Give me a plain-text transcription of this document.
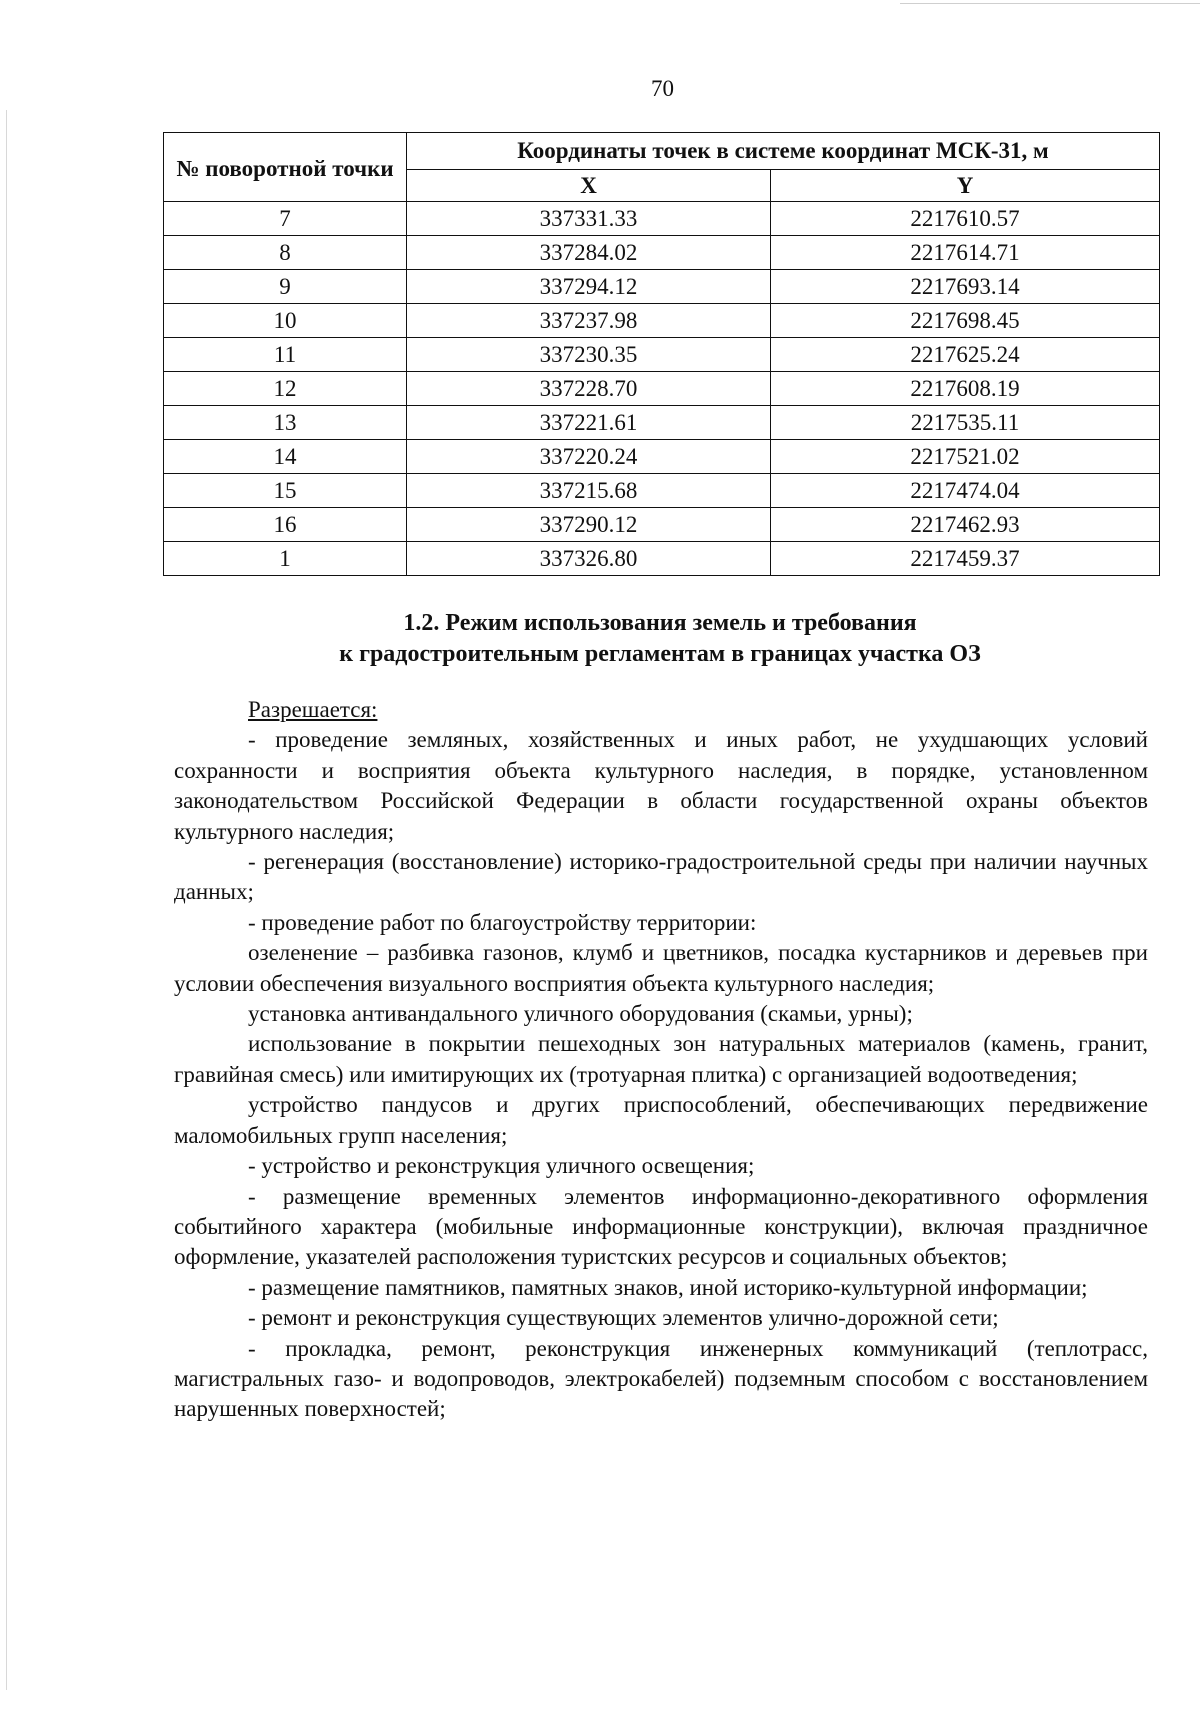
70
№ поворотной точки	Координаты точек в системе координат МСК-31, м	
	X	Y
7	337331.33	2217610.57
8	337284.02	2217614.71
9	337294.12	2217693.14
10	337237.98	2217698.45
11	337230.35	2217625.24
12	337228.70	2217608.19
13	337221.61	2217535.11
14	337220.24	2217521.02
15	337215.68	2217474.04
16	337290.12	2217462.93
1	337326.80	2217459.37
1.2. Режим использования земель и требования
к градостроительным регламентам в границах участка ОЗ

Разрешается:

- проведение земляных, хозяйственных и иных работ, не ухудшающих условий сохранности и восприятия объекта культурного наследия, в порядке, установленном законодательством Российской Федерации в области государственной охраны объектов культурного наследия;

- регенерация (восстановление) историко-градостроительной среды при наличии научных данных;

- проведение работ по благоустройству территории:

озеленение – разбивка газонов, клумб и цветников, посадка кустарников и деревьев при условии обеспечения визуального восприятия объекта культурного наследия;

установка антивандального уличного оборудования (скамьи, урны);

использование в покрытии пешеходных зон натуральных материалов (камень, гранит, гравийная смесь) или имитирующих их (тротуарная плитка) с организацией водоотведения;

устройство пандусов и других приспособлений, обеспечивающих передвижение маломобильных групп населения;

- устройство и реконструкция уличного освещения;

- размещение временных элементов информационно-декоративного оформления событийного характера (мобильные информационные конструкции), включая праздничное оформление, указателей расположения туристских ресурсов и социальных объектов;

- размещение памятников, памятных знаков, иной историко-культурной информации;

- ремонт и реконструкция существующих элементов улично-дорожной сети;

- прокладка, ремонт, реконструкция инженерных коммуникаций (теплотрасс, магистральных газо- и водопроводов, электрокабелей) подземным способом с восстановлением нарушенных поверхностей;
